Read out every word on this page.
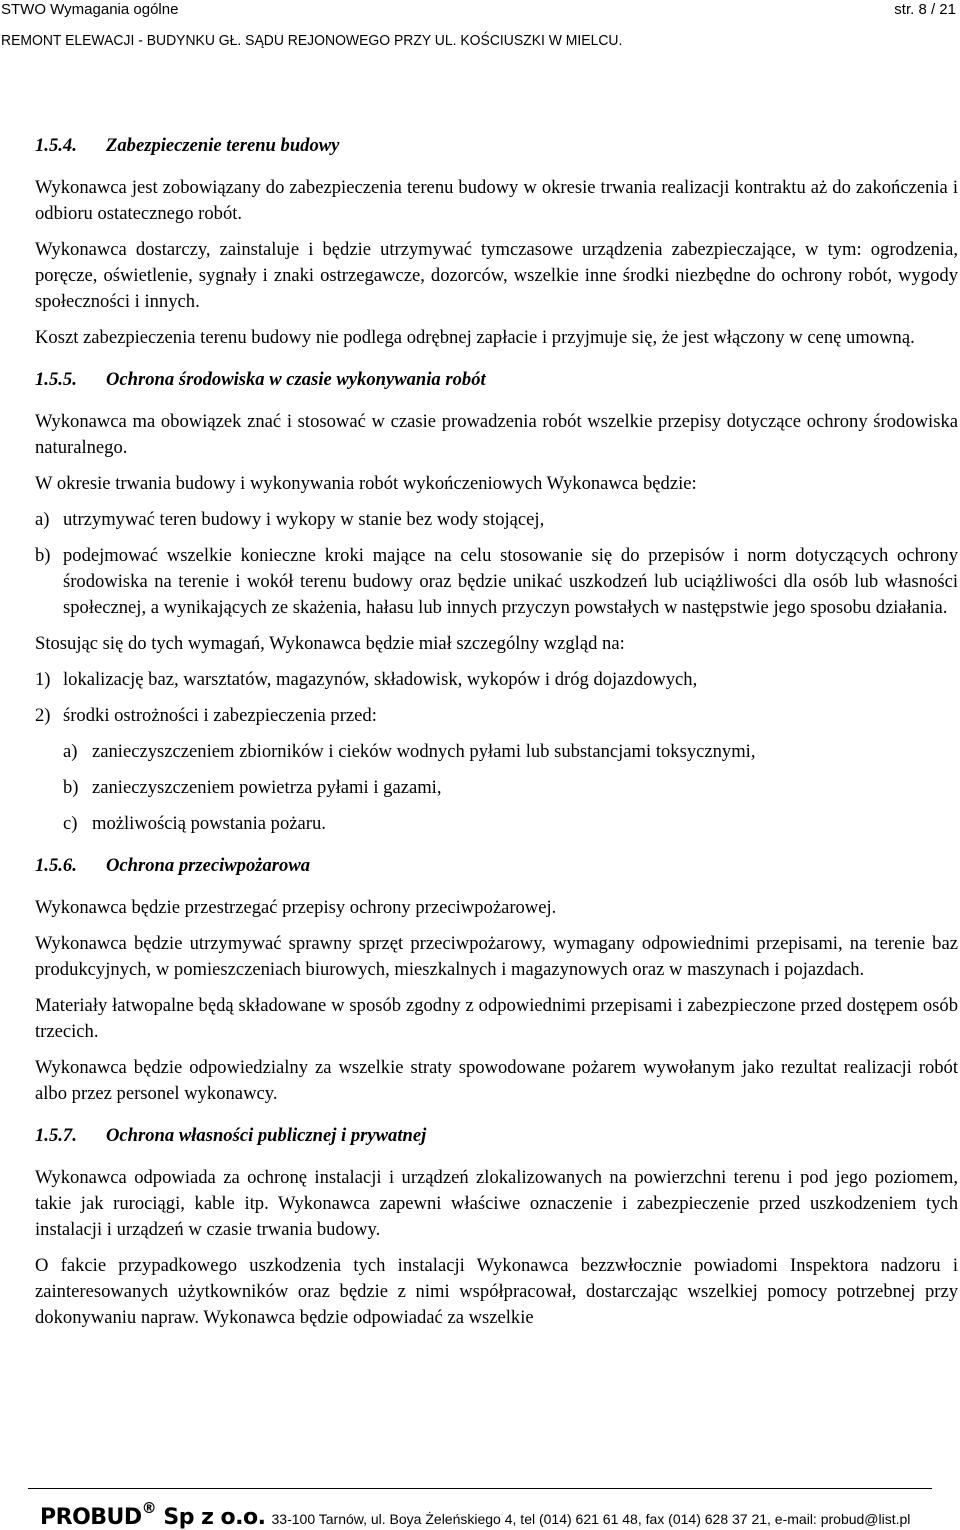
STWO Wymagania ogólne	str. 8 / 21
REMONT ELEWACJI - BUDYNKU GŁ. SĄDU REJONOWEGO PRZY UL. KOŚCIUSZKI W MIELCU.
1.5.4. Zabezpieczenie terenu budowy

Wykonawca jest zobowiązany do zabezpieczenia terenu budowy w okresie trwania realizacji kontraktu aż do zakończenia i odbioru ostatecznego robót.

Wykonawca dostarczy, zainstaluje i będzie utrzymywać tymczasowe urządzenia zabezpieczające, w tym: ogrodzenia, poręcze, oświetlenie, sygnały i znaki ostrzegawcze, dozorców, wszelkie inne środki niezbędne do ochrony robót, wygody społeczności i innych.

Koszt zabezpieczenia terenu budowy nie podlega odrębnej zapłacie i przyjmuje się, że jest włączony w cenę umowną.

1.5.5. Ochrona środowiska w czasie wykonywania robót

Wykonawca ma obowiązek znać i stosować w czasie prowadzenia robót wszelkie przepisy dotyczące ochrony środowiska naturalnego.

W okresie trwania budowy i wykonywania robót wykończeniowych Wykonawca będzie:

a) utrzymywać teren budowy i wykopy w stanie bez wody stojącej,
b) podejmować wszelkie konieczne kroki mające na celu stosowanie się do przepisów i norm dotyczących ochrony środowiska na terenie i wokół terenu budowy oraz będzie unikać uszkodzeń lub uciążliwości dla osób lub własności społecznej, a wynikających ze skażenia, hałasu lub innych przyczyn powstałych w następstwie jego sposobu działania.

Stosując się do tych wymagań, Wykonawca będzie miał szczególny wzgląd na:

1) lokalizację baz, warsztatów, magazynów, składowisk, wykopów i dróg dojazdowych,
2) środki ostrożności i zabezpieczenia przed:
a) zanieczyszczeniem zbiorników i cieków wodnych pyłami lub substancjami toksycznymi,
b) zanieczyszczeniem powietrza pyłami i gazami,
c) możliwością powstania pożaru.
1.5.6. Ochrona przeciwpożarowa

Wykonawca będzie przestrzegać przepisy ochrony przeciwpożarowej.

Wykonawca będzie utrzymywać sprawny sprzęt przeciwpożarowy, wymagany odpowiednimi przepisami, na terenie baz produkcyjnych, w pomieszczeniach biurowych, mieszkalnych i magazynowych oraz w maszynach i pojazdach.

Materiały łatwopalne będą składowane w sposób zgodny z odpowiednimi przepisami i zabezpieczone przed dostępem osób trzecich.

Wykonawca będzie odpowiedzialny za wszelkie straty spowodowane pożarem wywołanym jako rezultat realizacji robót albo przez personel wykonawcy.

1.5.7. Ochrona własności publicznej i prywatnej

Wykonawca odpowiada za ochronę instalacji i urządzeń zlokalizowanych na powierzchni terenu i pod jego poziomem, takie jak rurociągi, kable itp. Wykonawca zapewni właściwe oznaczenie i zabezpieczenie przed uszkodzeniem tych instalacji i urządzeń w czasie trwania budowy.

O fakcie przypadkowego uszkodzenia tych instalacji Wykonawca bezzwłocznie powiadomi Inspektora nadzoru i zainteresowanych użytkowników oraz będzie z nimi współpracował, dostarczając wszelkiej pomocy potrzebnej przy dokonywaniu napraw. Wykonawca będzie odpowiadać za wszelkie

PROBUD® Sp z o.o. 33-100 Tarnów, ul. Boya Żeleńskiego 4, tel (014) 621 61 48, fax (014) 628 37 21, e-mail: probud@list.pl
